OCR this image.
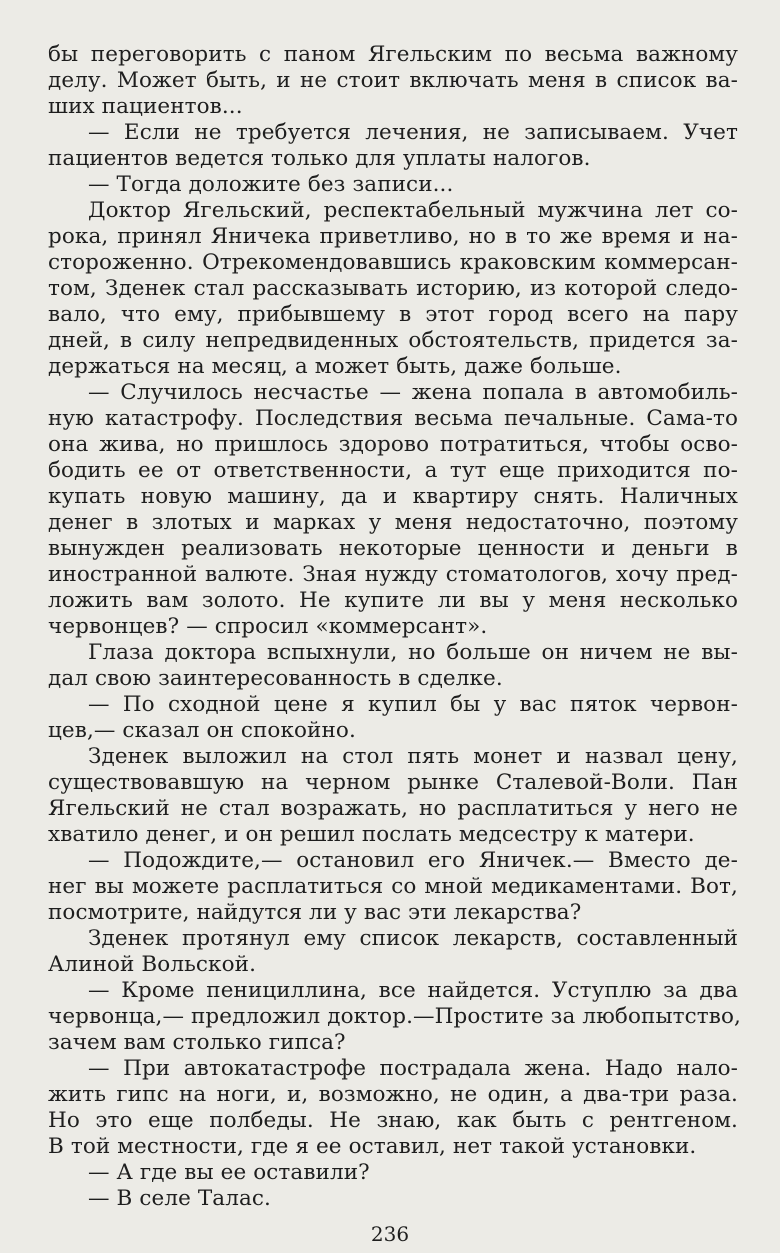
бы переговорить с паном Ягельским по весьма важному
делу. Может быть, и не стоит включать меня в список ва-
ших пациентов...
— Если не требуется лечения, не записываем. Учет
пациентов ведется только для уплаты налогов.
— Тогда доложите без записи...
Доктор Ягельский, респектабельный мужчина лет со-
рока, принял Яничека приветливо, но в то же время и на-
стороженно. Отрекомендовавшись краковским коммерсан-
том, Зденек стал рассказывать историю, из которой следо-
вало, что ему, прибывшему в этот город всего на пару
дней, в силу непредвиденных обстоятельств, придется за-
держаться на месяц, а может быть, даже больше.
— Случилось несчастье — жена попала в автомобиль-
ную катастрофу. Последствия весьма печальные. Сама-то
она жива, но пришлось здорово потратиться, чтобы осво-
бодить ее от ответственности, а тут еще приходится по-
купать новую машину, да и квартиру снять. Наличных
денег в злотых и марках у меня недостаточно, поэтому
вынужден реализовать некоторые ценности и деньги в
иностранной валюте. Зная нужду стоматологов, хочу пред-
ложить вам золото. Не купите ли вы у меня несколько
червонцев? — спросил «коммерсант».
Глаза доктора вспыхнули, но больше он ничем не вы-
дал свою заинтересованность в сделке.
— По сходной цене я купил бы у вас пяток червон-
цев,— сказал он спокойно.
Зденек выложил на стол пять монет и назвал цену,
существовавшую на черном рынке Сталевой-Воли. Пан
Ягельский не стал возражать, но расплатиться у него не
хватило денег, и он решил послать медсестру к матери.
— Подождите,— остановил его Яничек.— Вместо де-
нег вы можете расплатиться со мной медикаментами. Вот,
посмотрите, найдутся ли у вас эти лекарства?
Зденек протянул ему список лекарств, составленный
Алиной Вольской.
— Кроме пенициллина, все найдется. Уступлю за два
червонца,— предложил доктор.—Простите за любопытство,
зачем вам столько гипса?
— При автокатастрофе пострадала жена. Надо нало-
жить гипс на ноги, и, возможно, не один, а два-три раза.
Но это еще полбеды. Не знаю, как быть с рентгеном.
В той местности, где я ее оставил, нет такой установки.
— А где вы ее оставили?
— В селе Талас.
236
